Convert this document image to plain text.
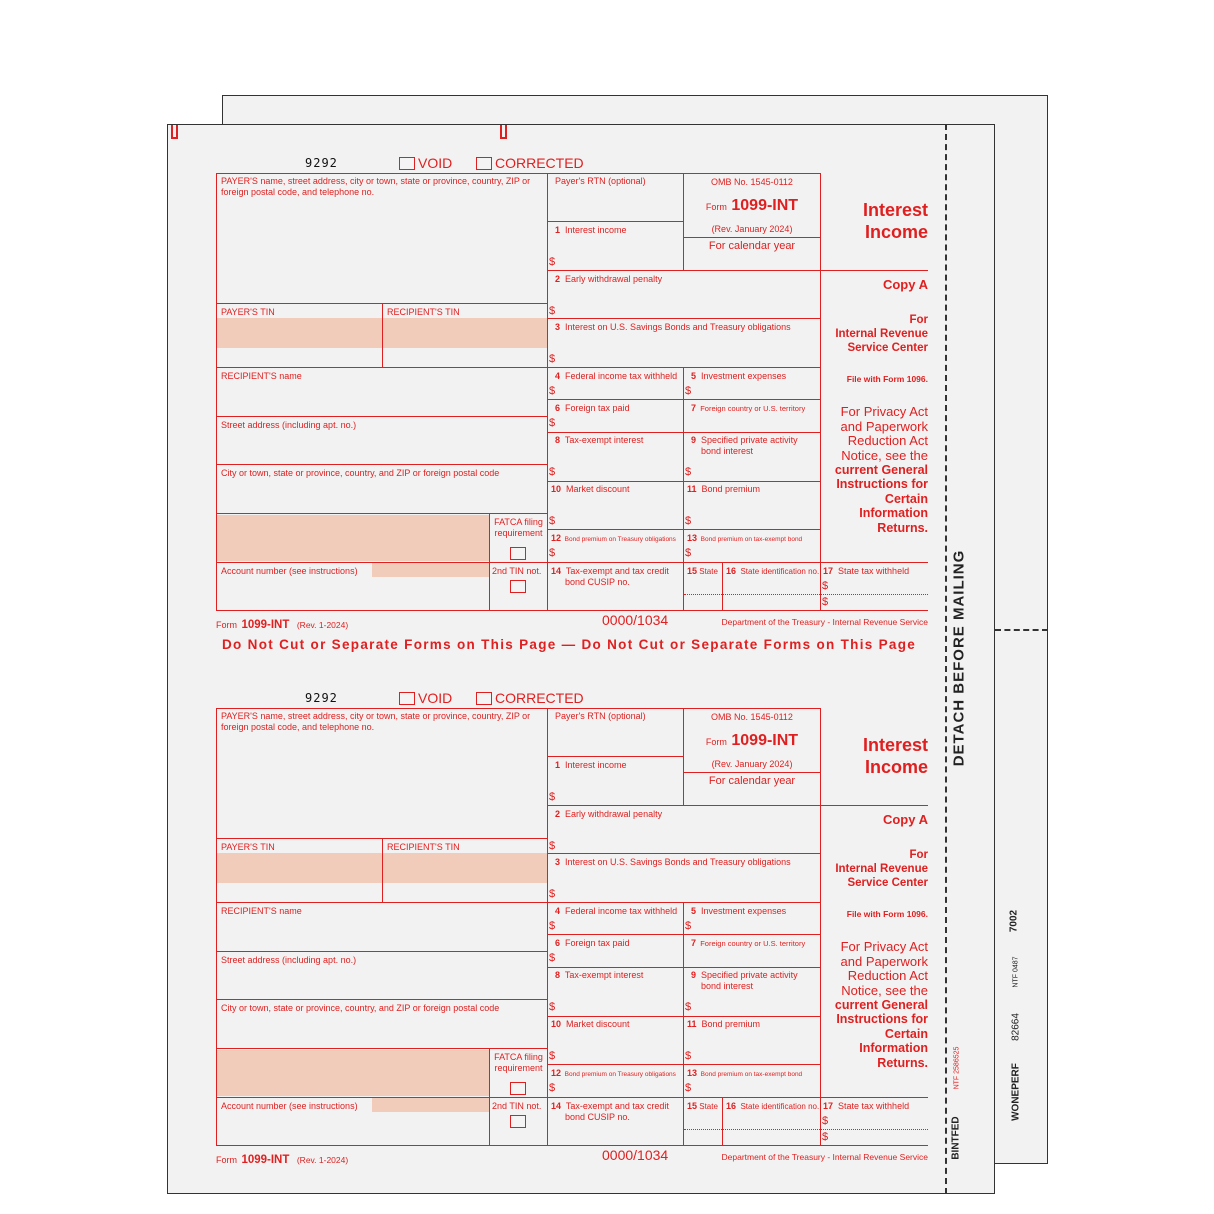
DETACH BEFORE MAILING
7002
NTF 0487
82664
WONEPERF
NTF 2586525
BINTFED
Do Not Cut or Separate Forms on This Page — Do Not Cut or Separate Forms on This Page
9292	VOID	CORRECTED
PAYER'S name, street address, city or town, state or province, country, ZIP or foreign postal code, and telephone no.
Payer's RTN (optional)	OMB No. 1545-0112
Form 1099-INT
(Rev. January 2024)
For calendar year
Interest
Income
Copy A
For
Internal Revenue
Service Center
File with Form 1096.
For Privacy Act
and Paperwork
Reduction Act
Notice, see the
current General
Instructions for
Certain
Information
Returns.
PAYER'S TIN	RECIPIENT'S TIN
RECIPIENT'S name
Street address (including apt. no.)
City or town, state or province, country, and ZIP or foreign postal code
FATCA filing
requirement
Account number (see instructions)	2nd TIN not.
1 Interest income
$
2 Early withdrawal penalty
$
3 Interest on U.S. Savings Bonds and Treasury obligations
$
4 Federal income tax withheld
$
5 Investment expenses
$
6 Foreign tax paid
$
7 Foreign country or U.S. territory
8 Tax-exempt interest
$
9 Specified private activity
bond interest
$
10 Market discount
$
11 Bond premium
$
12 Bond premium on Treasury obligations
$
13 Bond premium on tax-exempt bond
$
14 Tax-exempt and tax credit
bond CUSIP no.
15 State 16 State identification no. 17 State tax withheld
$
$
Form 1099-INT (Rev. 1-2024)	0000/1034	Department of the Treasury - Internal Revenue Service
9292	VOID	CORRECTED
PAYER'S name, street address, city or town, state or province, country, ZIP or foreign postal code, and telephone no.
Payer's RTN (optional)	OMB No. 1545-0112
Form 1099-INT
(Rev. January 2024)
For calendar year
Interest
Income
Copy A
For
Internal Revenue
Service Center
File with Form 1096.
For Privacy Act
and Paperwork
Reduction Act
Notice, see the
current General
Instructions for
Certain
Information
Returns.
PAYER'S TIN	RECIPIENT'S TIN
RECIPIENT'S name
Street address (including apt. no.)
City or town, state or province, country, and ZIP or foreign postal code
FATCA filing
requirement
Account number (see instructions)	2nd TIN not.
1 Interest income
$
2 Early withdrawal penalty
$
3 Interest on U.S. Savings Bonds and Treasury obligations
$
4 Federal income tax withheld
$
5 Investment expenses
$
6 Foreign tax paid
$
7 Foreign country or U.S. territory
8 Tax-exempt interest
$
9 Specified private activity
bond interest
$
10 Market discount
$
11 Bond premium
$
12 Bond premium on Treasury obligations
$
13 Bond premium on tax-exempt bond
$
14 Tax-exempt and tax credit
bond CUSIP no.
15 State 16 State identification no. 17 State tax withheld
$
$
Form 1099-INT (Rev. 1-2024)	0000/1034	Department of the Treasury - Internal Revenue Service
